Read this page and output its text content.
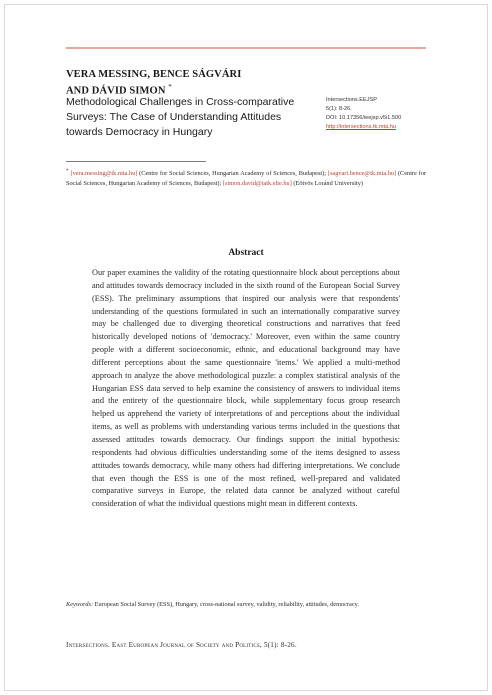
VERA MESSING, BENCE SÁGVÁRI
AND DÁVID SIMON *
Methodological Challenges in Cross-comparative Surveys: The Case of Understanding Attitudes towards Democracy in Hungary
Intersections.EEJSP
5(1): 8-26.
DOI: 10.17356/ieejsp.v5i1.500
http://intersections.tk.mta.hu
* [vera.messing@tk.mta.hu] (Centre for Social Sciences, Hungarian Academy of Sciences, Budapest); [sagvari.bence@tk.mta.hu] (Centre for Social Sciences, Hungarian Academy of Sciences, Budapest); [simon.david@tatk.elte.hu] (Eötvös Loránd University)
Abstract
Our paper examines the validity of the rotating questionnaire block about perceptions about and attitudes towards democracy included in the sixth round of the European Social Survey (ESS). The preliminary assumptions that inspired our analysis were that respondents' understanding of the questions formulated in such an internationally comparative survey may be challenged due to diverging theoretical constructions and narratives that feed historically developed notions of 'democracy.' Moreover, even within the same country people with a different socioeconomic, ethnic, and educational background may have different perceptions about the same questionnaire 'items.' We applied a multi-method approach to analyze the above methodological puzzle: a complex statistical analysis of the Hungarian ESS data served to help examine the consistency of answers to individual items and the entirety of the questionnaire block, while supplementary focus group research helped us apprehend the variety of interpretations of and perceptions about the individual items, as well as problems with understanding various terms included in the questions that assessed attitudes towards democracy. Our findings support the initial hypothesis: respondents had obvious difficulties understanding some of the items designed to assess attitudes towards democracy, while many others had differing interpretations. We conclude that even though the ESS is one of the most refined, well-prepared and validated comparative surveys in Europe, the related data cannot be analyzed without careful consideration of what the individual questions might mean in different contexts.
Keywords: European Social Survey (ESS), Hungary, cross-national survey, validity, reliability, attitudes, democracy.
Intersections. East European Journal of Society and Politics, 5(1): 8-26.
